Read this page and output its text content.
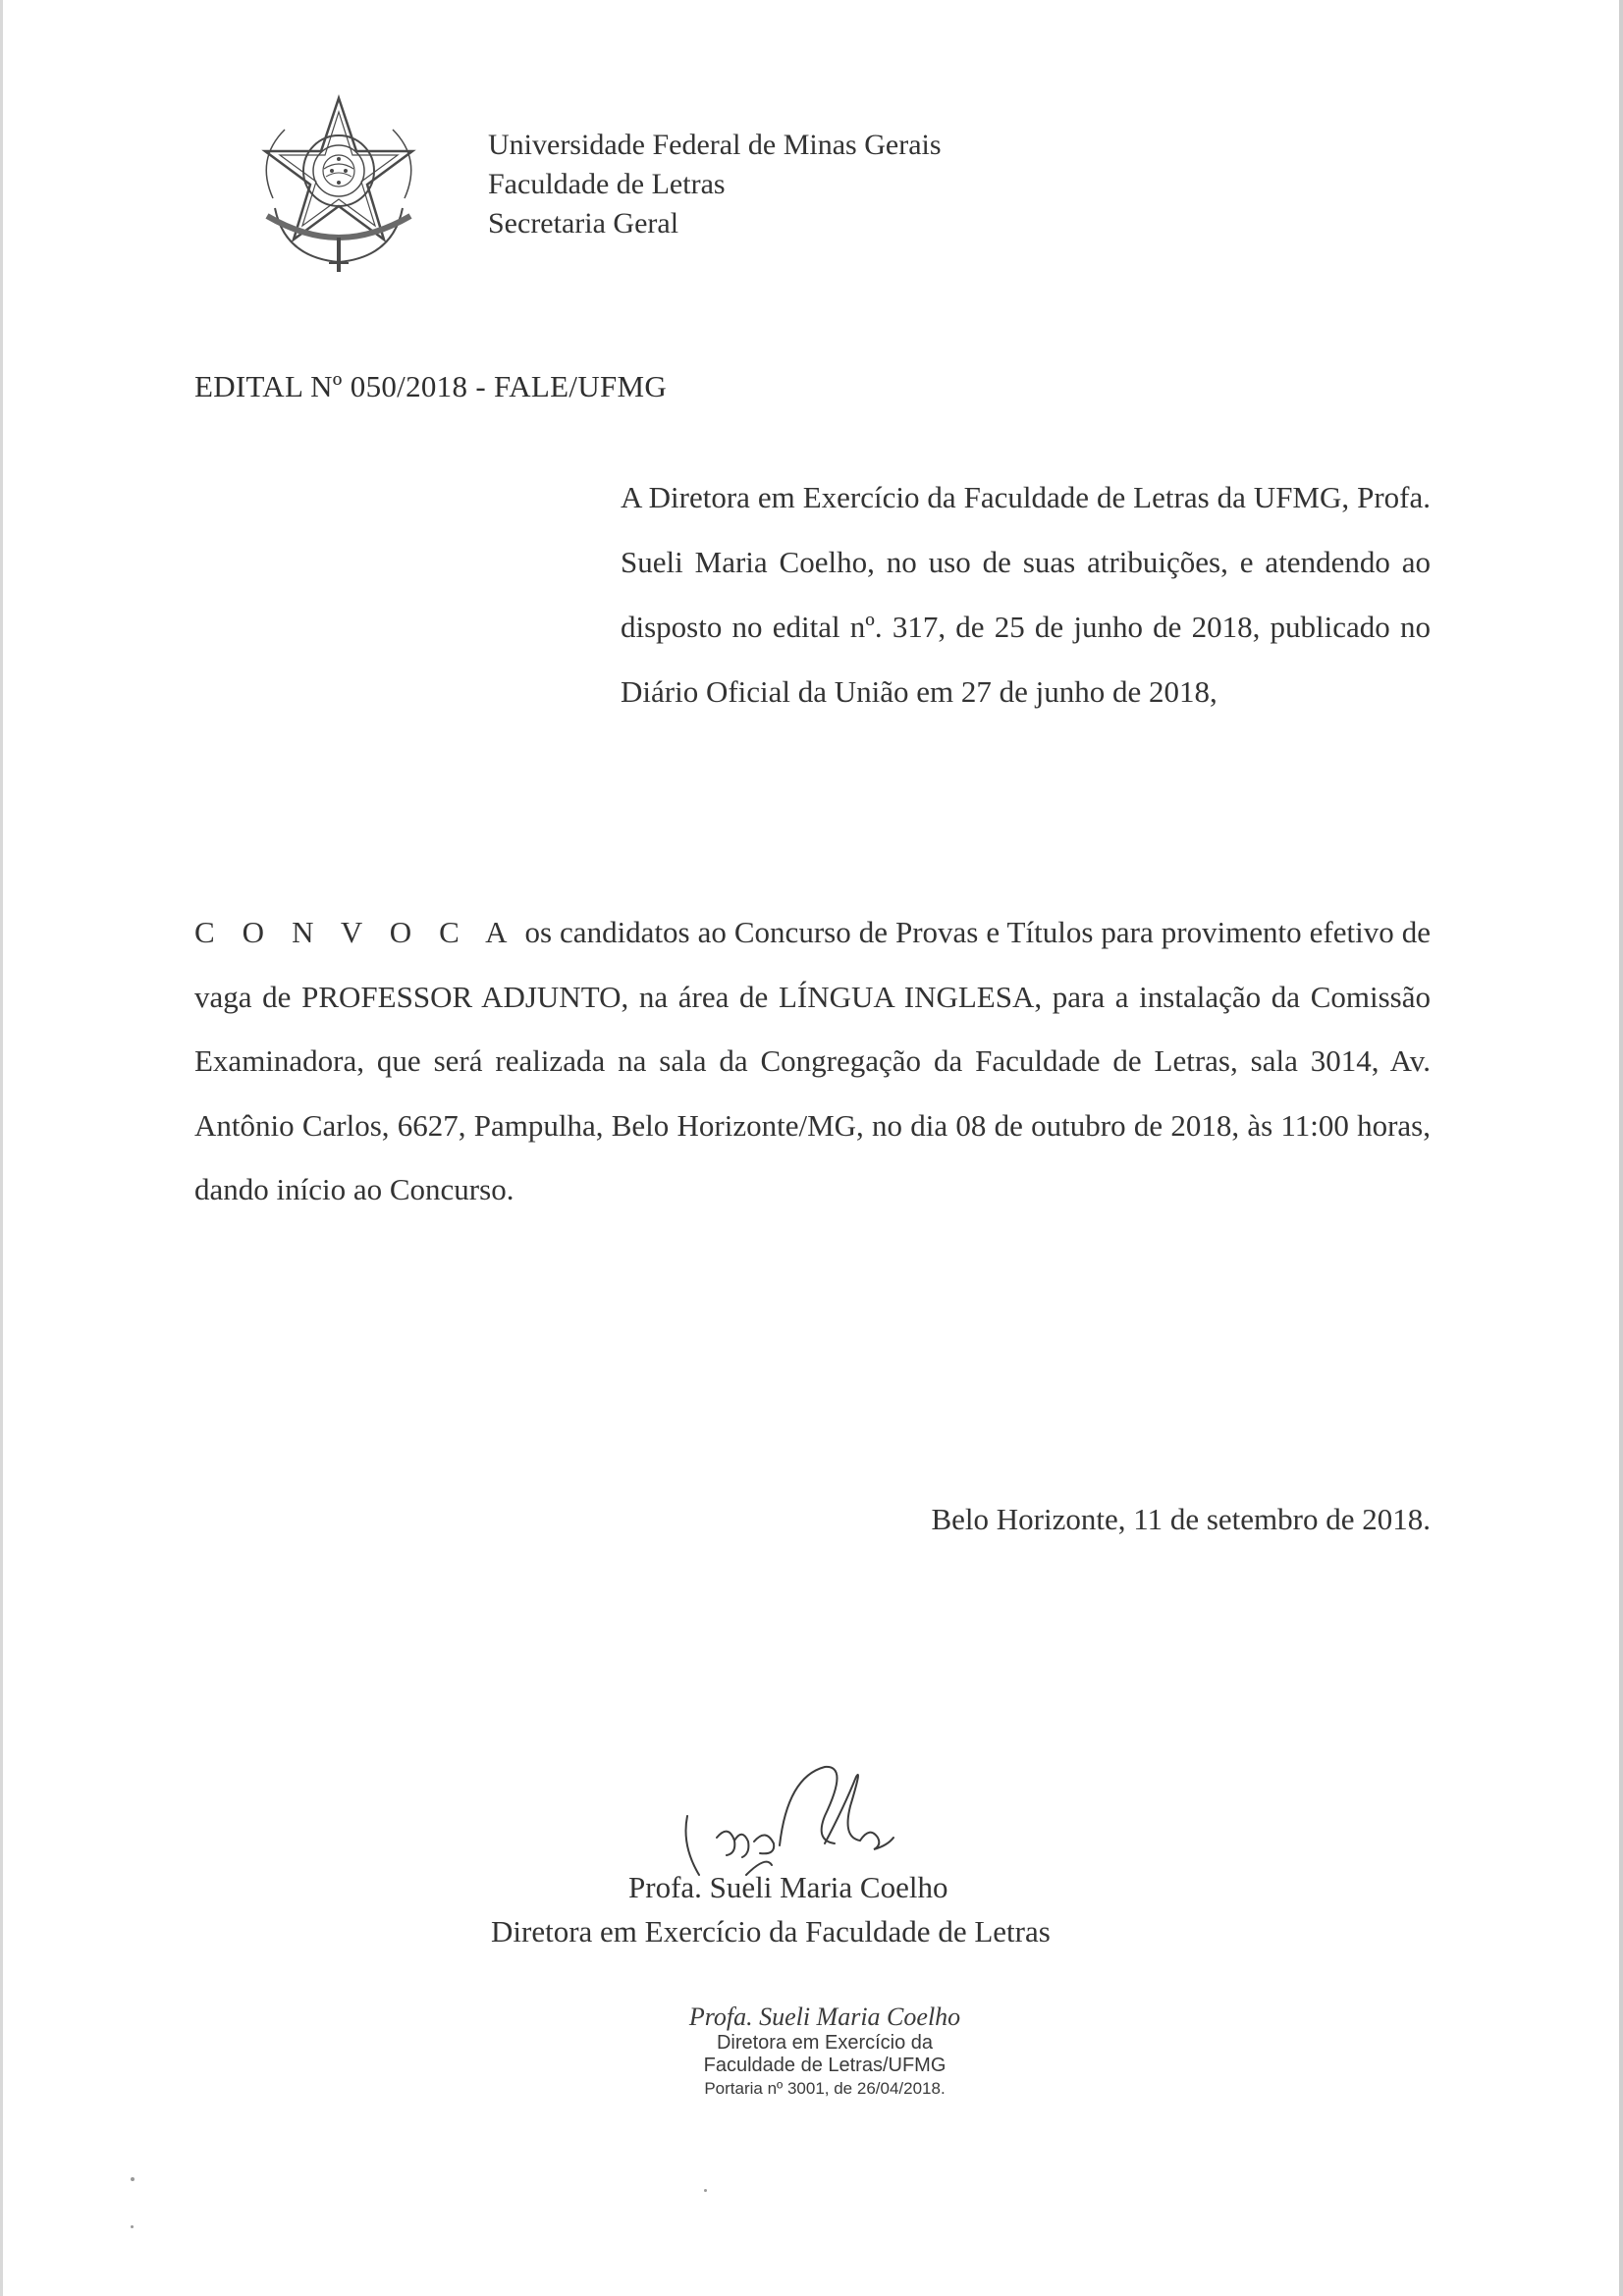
Universidade Federal de Minas Gerais
Faculdade de Letras
Secretaria Geral
EDITAL Nº 050/2018 - FALE/UFMG
A Diretora em Exercício da Faculdade de Letras da UFMG, Profa. Sueli Maria Coelho, no uso de suas atribuições, e atendendo ao disposto no edital nº. 317, de 25 de junho de 2018, publicado no Diário Oficial da União em 27 de junho de 2018,
C O N V O C A os candidatos ao Concurso de Provas e Títulos para provimento efetivo de vaga de PROFESSOR ADJUNTO, na área de LÍNGUA INGLESA, para a instalação da Comissão Examinadora, que será realizada na sala da Congregação da Faculdade de Letras, sala 3014, Av. Antônio Carlos, 6627, Pampulha, Belo Horizonte/MG, no dia 08 de outubro de 2018, às 11:00 horas, dando início ao Concurso.
Belo Horizonte, 11 de setembro de 2018.
Profa. Sueli Maria Coelho
Diretora em Exercício da Faculdade de Letras
Profa. Sueli Maria Coelho
Diretora em Exercício da
Faculdade de Letras/UFMG
Portaria nº 3001, de 26/04/2018.
